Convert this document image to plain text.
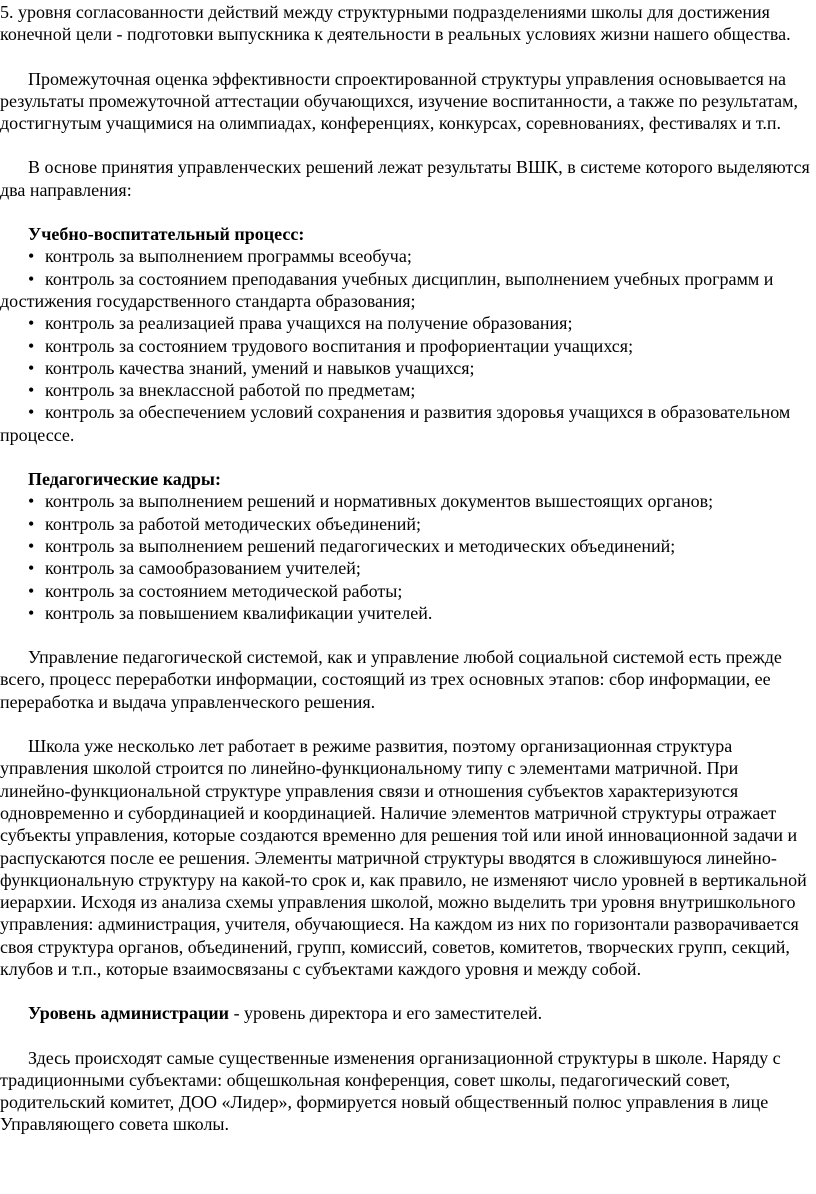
5. уровня согласованности действий между структурными подразделениями школы для достижения конечной цели - подготовки выпускника к деятельности в реальных условиях жизни нашего общества.

Промежуточная оценка эффективности спроектированной структуры управления основывается на результаты промежуточной аттестации обучающихся, изучение воспитанности, а также по результатам, достигнутым учащимися на олимпиадах, конференциях, конкурсах, соревнованиях, фестивалях и т.п.

В основе принятия управленческих решений лежат результаты ВШК, в системе которого выделяются два направления:

Учебно-воспитательный процесс:

• контроль за выполнением программы всеобуча;

• контроль за состоянием преподавания учебных дисциплин, выполнением учебных программ и достижения государственного стандарта образования;

• контроль за реализацией права учащихся на получение образования;

• контроль за состоянием трудового воспитания и профориентации учащихся;

• контроль качества знаний, умений и навыков учащихся;

• контроль за внеклассной работой по предметам;

• контроль за обеспечением условий сохранения и развития здоровья учащихся в образовательном процессе.

Педагогические кадры:

• контроль за выполнением решений и нормативных документов вышестоящих органов;

• контроль за работой методических объединений;

• контроль за выполнением решений педагогических и методических объединений;

• контроль за самообразованием учителей;

• контроль за состоянием методической работы;

• контроль за повышением квалификации учителей.

Управление педагогической системой, как и управление любой социальной системой есть прежде всего, процесс переработки информации, состоящий из трех основных этапов: сбор информации, ее переработка и выдача управленческого решения.

Школа уже несколько лет работает в режиме развития, поэтому организационная структура управления школой строится по линейно-функциональному типу с элементами матричной. При линейно-функциональной структуре управления связи и отношения субъектов характеризуются одновременно и субординацией и координацией. Наличие элементов матричной структуры отражает субъекты управления, которые создаются временно для решения той или иной инновационной задачи и распускаются после ее решения. Элементы матричной структуры вводятся в сложившуюся линейно-функциональную структуру на какой-то срок и, как правило, не изменяют число уровней в вертикальной иерархии. Исходя из анализа схемы управления школой, можно выделить три уровня внутришкольного управления: администрация, учителя, обучающиеся. На каждом из них по горизонтали разворачивается своя структура органов, объединений, групп, комиссий, советов, комитетов, творческих групп, секций, клубов и т.п., которые взаимосвязаны с субъектами каждого уровня и между собой.

Уровень администрации - уровень директора и его заместителей.

Здесь происходят самые существенные изменения организационной структуры в школе. Наряду с традиционными субъектами: общешкольная конференция, совет школы, педагогический совет, родительский комитет, ДОО «Лидер», формируется новый общественный полюс управления в лице Управляющего совета школы.
